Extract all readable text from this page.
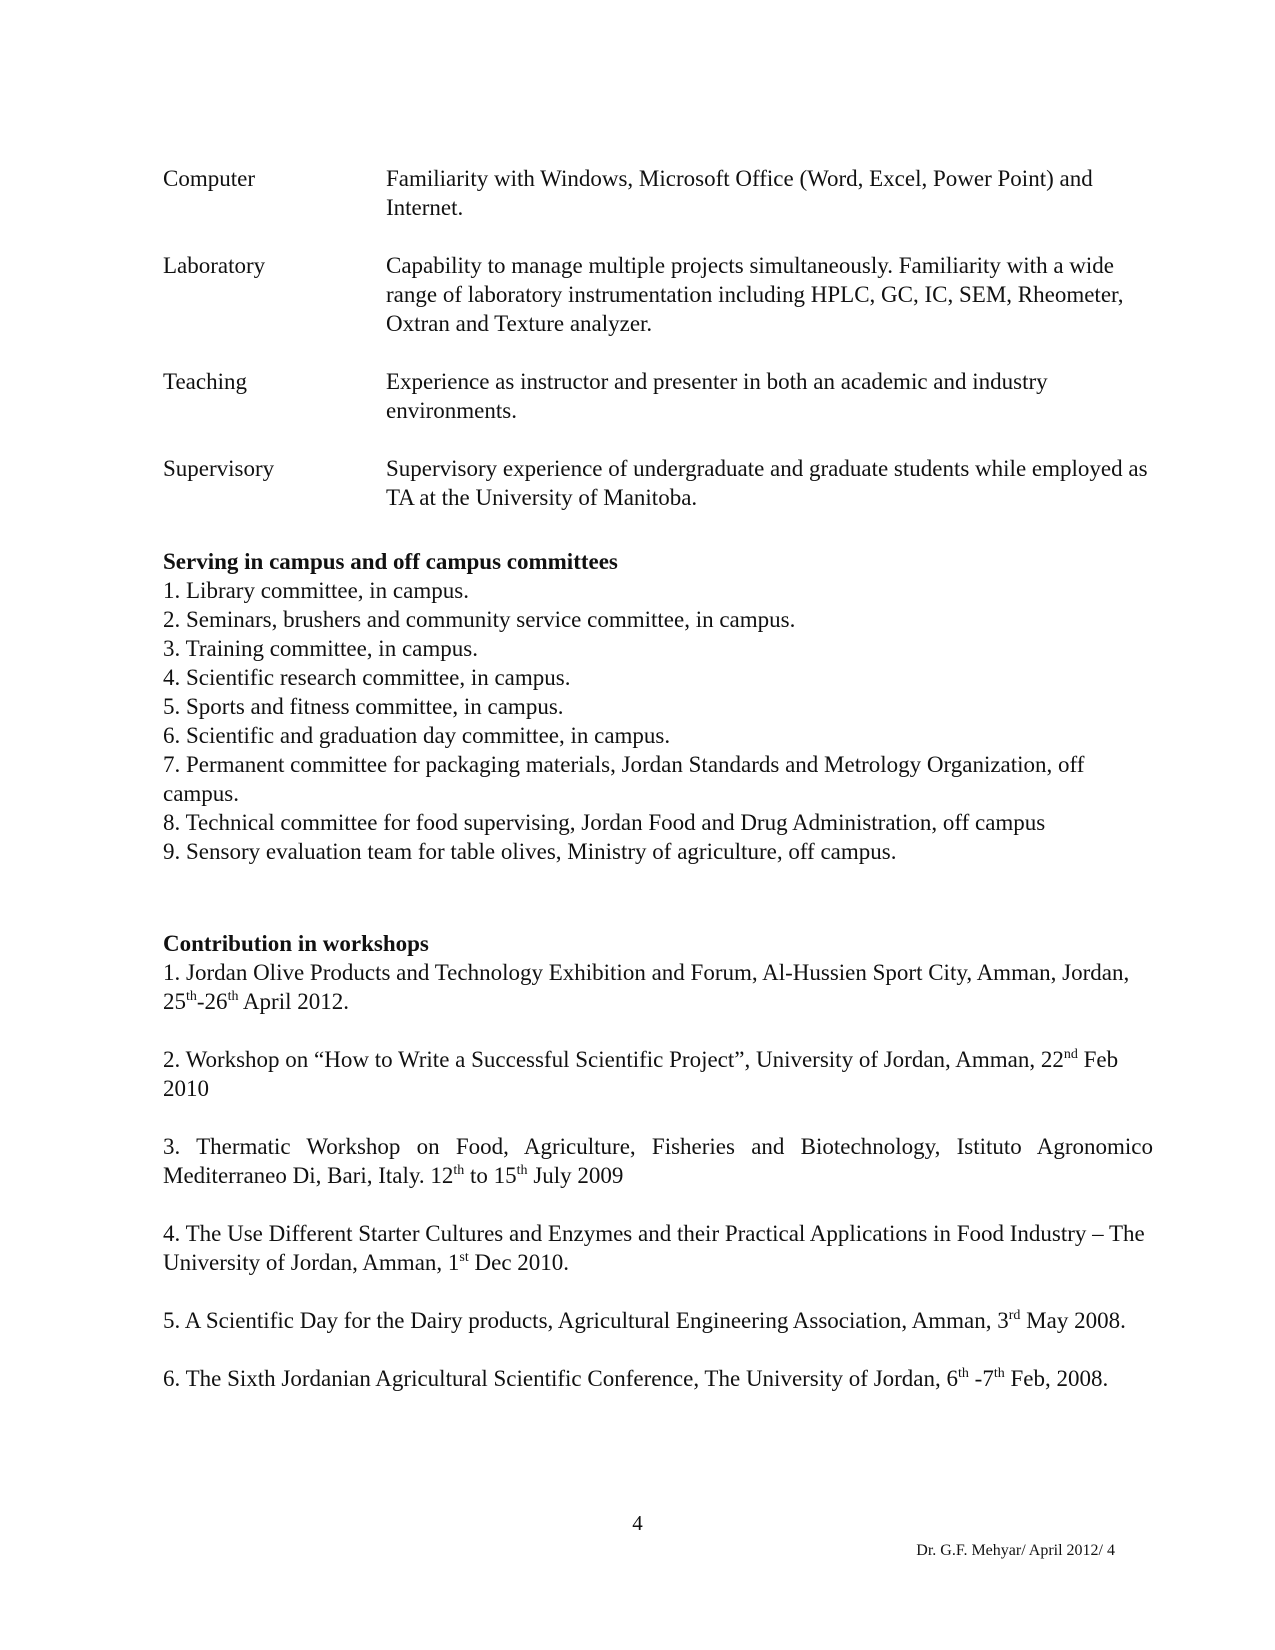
Computer	Familiarity with Windows, Microsoft Office (Word, Excel, Power Point) and Internet.
Laboratory	Capability to manage multiple projects simultaneously. Familiarity with a wide range of laboratory instrumentation including HPLC, GC, IC, SEM, Rheometer, Oxtran and Texture analyzer.
Teaching	Experience as instructor and presenter in both an academic and industry environments.
Supervisory	Supervisory experience of undergraduate and graduate students while employed as TA at the University of Manitoba.
Serving in campus and off campus committees
1. Library committee, in campus.
2. Seminars, brushers and community service committee, in campus.
3. Training committee, in campus.
4. Scientific research committee, in campus.
5. Sports and fitness committee, in campus.
6. Scientific and graduation day committee, in campus.
7. Permanent committee for packaging materials, Jordan Standards and Metrology Organization, off campus.
8. Technical committee for food supervising, Jordan Food and Drug Administration, off campus
9. Sensory evaluation team for table olives, Ministry of agriculture, off campus.
Contribution in workshops
1. Jordan Olive Products and Technology Exhibition and Forum, Al-Hussien Sport City, Amman, Jordan, 25th-26th April 2012.
2. Workshop on “How to Write a Successful Scientific Project”, University of Jordan, Amman, 22nd Feb 2010
3. Thermatic Workshop on Food, Agriculture, Fisheries and Biotechnology, Istituto Agronomico Mediterraneo Di, Bari, Italy. 12th to 15th July 2009
4. The Use Different Starter Cultures and Enzymes and their Practical Applications in Food Industry – The University of Jordan, Amman, 1st Dec 2010.
5. A Scientific Day for the Dairy products, Agricultural Engineering Association, Amman, 3rd May 2008.
6. The Sixth Jordanian Agricultural Scientific Conference, The University of Jordan, 6th -7th Feb, 2008.
4
Dr. G.F. Mehyar/ April 2012/ 4
